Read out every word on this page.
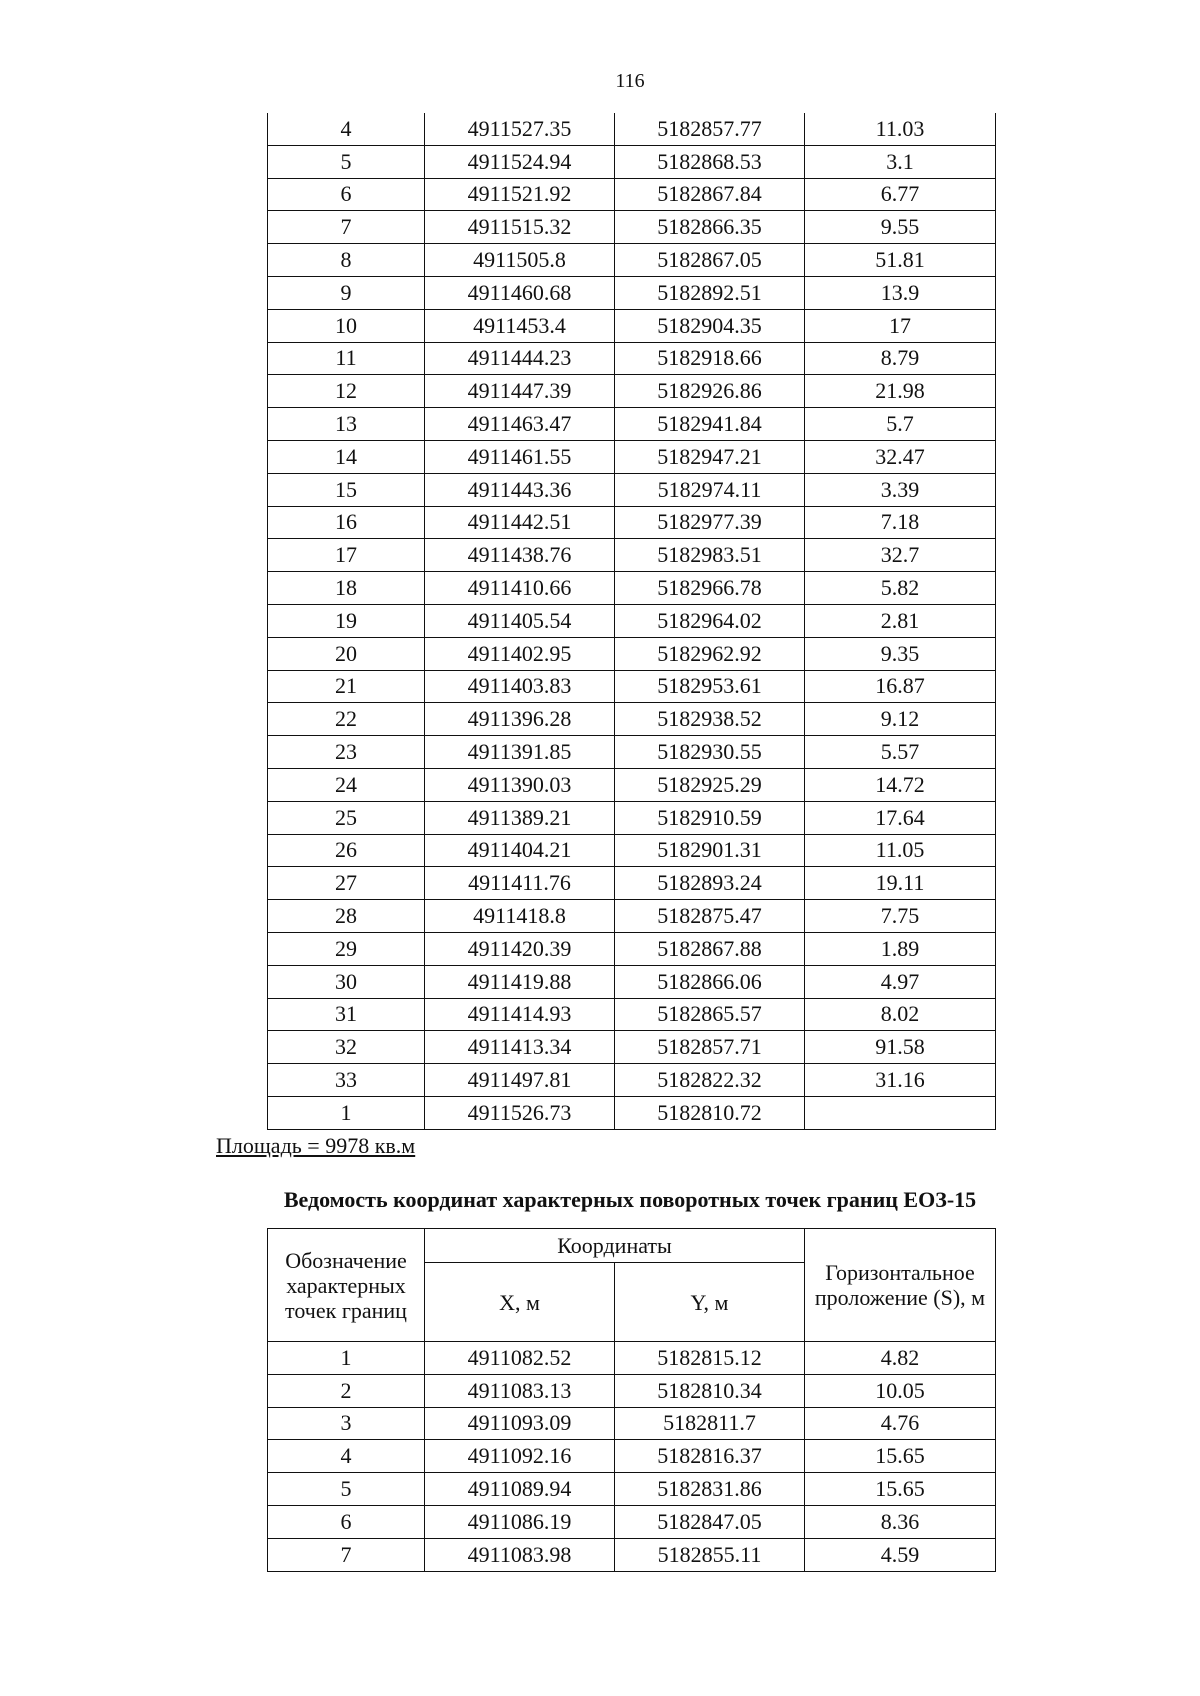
116
4	4911527.35	5182857.77	11.03
5	4911524.94	5182868.53	3.1
6	4911521.92	5182867.84	6.77
7	4911515.32	5182866.35	9.55
8	4911505.8	5182867.05	51.81
9	4911460.68	5182892.51	13.9
10	4911453.4	5182904.35	17
11	4911444.23	5182918.66	8.79
12	4911447.39	5182926.86	21.98
13	4911463.47	5182941.84	5.7
14	4911461.55	5182947.21	32.47
15	4911443.36	5182974.11	3.39
16	4911442.51	5182977.39	7.18
17	4911438.76	5182983.51	32.7
18	4911410.66	5182966.78	5.82
19	4911405.54	5182964.02	2.81
20	4911402.95	5182962.92	9.35
21	4911403.83	5182953.61	16.87
22	4911396.28	5182938.52	9.12
23	4911391.85	5182930.55	5.57
24	4911390.03	5182925.29	14.72
25	4911389.21	5182910.59	17.64
26	4911404.21	5182901.31	11.05
27	4911411.76	5182893.24	19.11
28	4911418.8	5182875.47	7.75
29	4911420.39	5182867.88	1.89
30	4911419.88	5182866.06	4.97
31	4911414.93	5182865.57	8.02
32	4911413.34	5182857.71	91.58
33	4911497.81	5182822.32	31.16
1	4911526.73	5182810.72	
Площадь = 9978 кв.м
Ведомость координат характерных поворотных точек границ ЕОЗ-15
Обозначение характерных точек границ	Координаты		Горизонтальное проложение (S), м
	X, м	Y, м	
1	4911082.52	5182815.12	4.82
2	4911083.13	5182810.34	10.05
3	4911093.09	5182811.7	4.76
4	4911092.16	5182816.37	15.65
5	4911089.94	5182831.86	15.65
6	4911086.19	5182847.05	8.36
7	4911083.98	5182855.11	4.59
